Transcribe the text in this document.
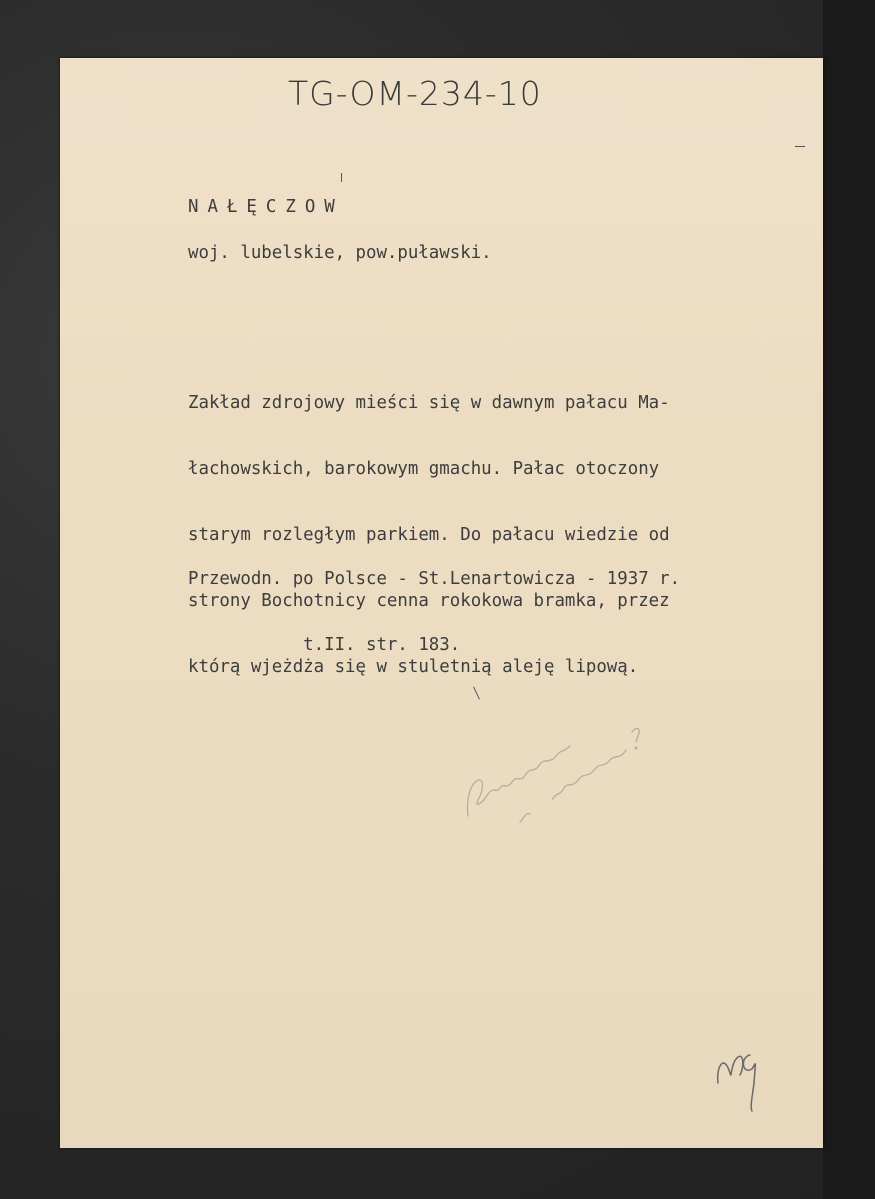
TG-OM-234-10
NAŁĘCZOW
woj. lubelskie, pow.puławski.

Zakład zdrojowy mieści się w dawnym pałacu Ma-

łachowskich, barokowym gmachu. Pałac otoczony

starym rozległym parkiem. Do pałacu wiedzie od

strony Bochotnicy cenna rokokowa bramka, przez

którą wjeżdża się w stuletnią aleję lipową.

Przewodn. po Polsce - St.Lenartowicza - 1937 r.

t.II. str. 183.
